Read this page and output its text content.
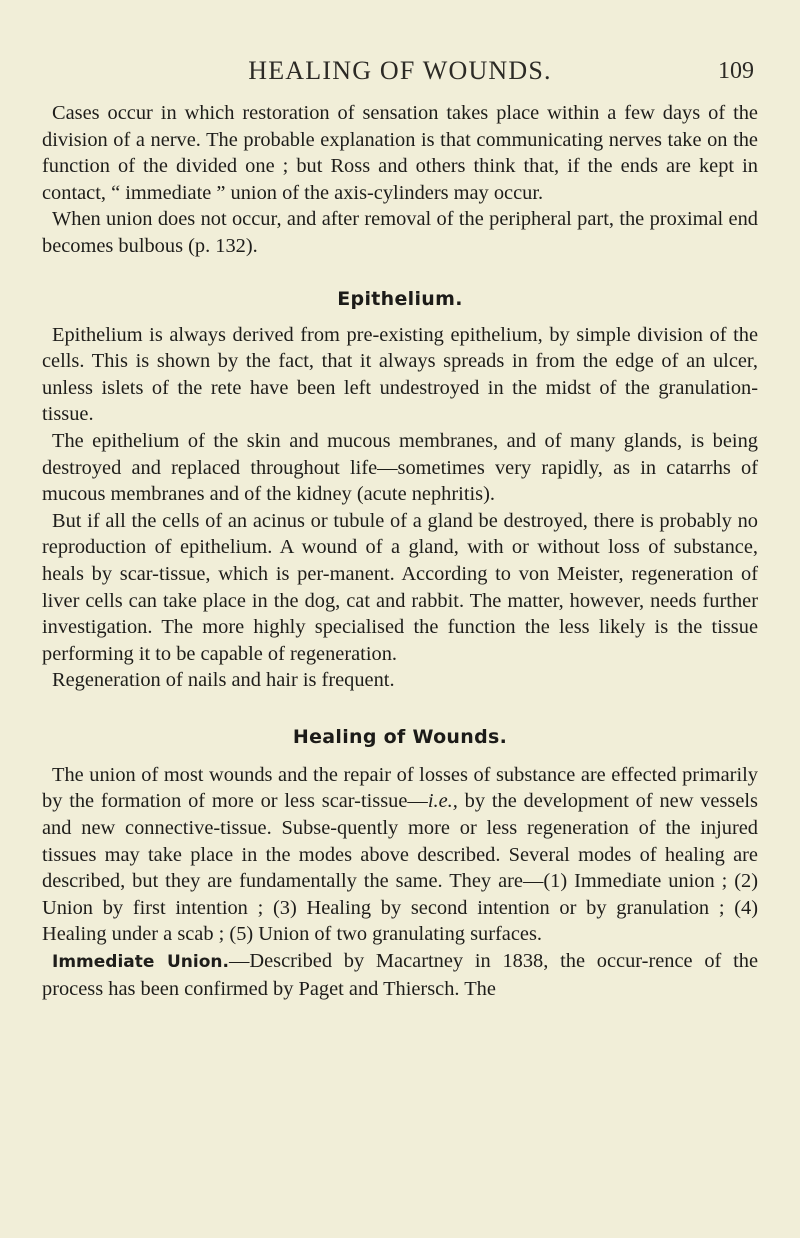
HEALING OF WOUNDS.	109

Cases occur in which restoration of sensation takes place within a few days of the division of a nerve. The probable explanation is that communicating nerves take on the function of the divided one ; but Ross and others think that, if the ends are kept in contact, “ immediate ” union of the axis-cylinders may occur.

When union does not occur, and after removal of the peripheral part, the proximal end becomes bulbous (p. 132).

Epithelium.

Epithelium is always derived from pre-existing epithelium, by simple division of the cells. This is shown by the fact, that it always spreads in from the edge of an ulcer, unless islets of the rete have been left undestroyed in the midst of the granulation-tissue.

The epithelium of the skin and mucous membranes, and of many glands, is being destroyed and replaced throughout life—sometimes very rapidly, as in catarrhs of mucous membranes and of the kidney (acute nephritis).

But if all the cells of an acinus or tubule of a gland be destroyed, there is probably no reproduction of epithelium. A wound of a gland, with or without loss of substance, heals by scar-tissue, which is per-manent. According to von Meister, regeneration of liver cells can take place in the dog, cat and rabbit. The matter, however, needs further investigation. The more highly specialised the function the less likely is the tissue performing it to be capable of regeneration.

Regeneration of nails and hair is frequent.

Healing of Wounds.

The union of most wounds and the repair of losses of substance are effected primarily by the formation of more or less scar-tissue—i.e., by the development of new vessels and new connective-tissue. Subse-quently more or less regeneration of the injured tissues may take place in the modes above described. Several modes of healing are described, but they are fundamentally the same. They are—(1) Immediate union ; (2) Union by first intention ; (3) Healing by second intention or by granulation ; (4) Healing under a scab ; (5) Union of two granulating surfaces.

Immediate Union.—Described by Macartney in 1838, the occur-rence of the process has been confirmed by Paget and Thiersch. The
